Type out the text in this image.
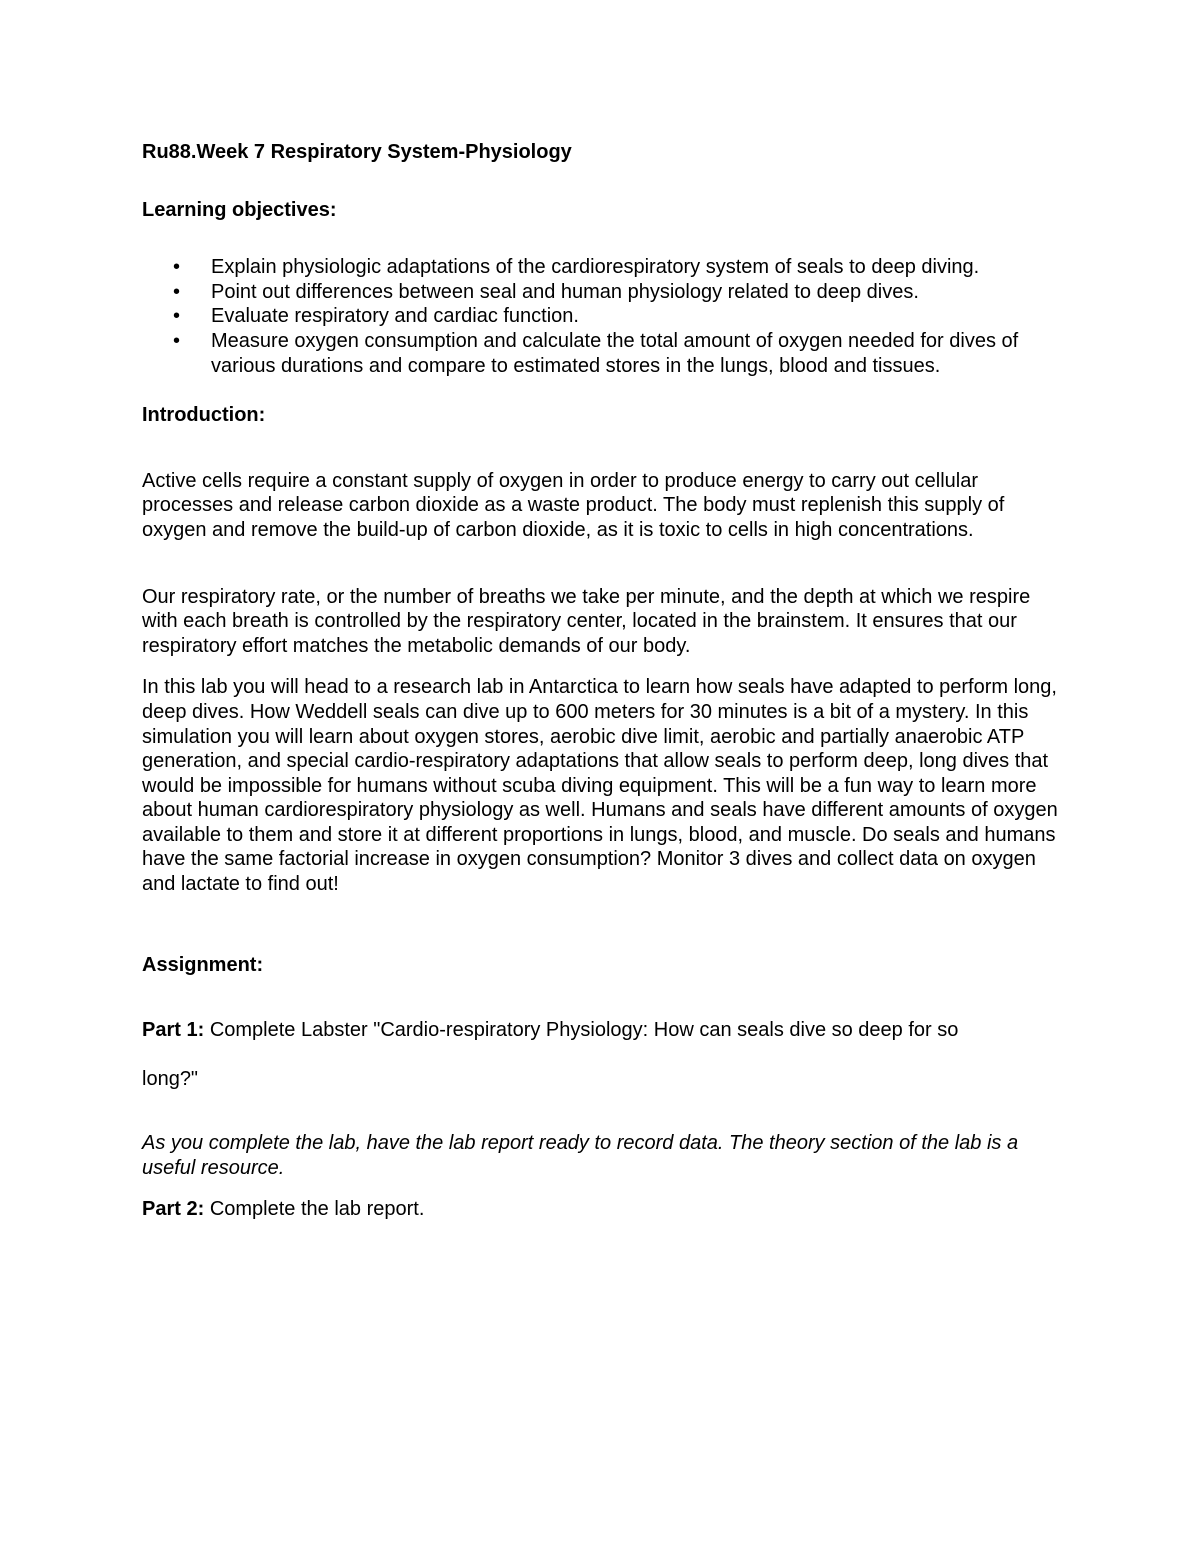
Ru88.Week 7 Respiratory System-Physiology

Learning objectives:

• Explain physiologic adaptations of the cardiorespiratory system of seals to deep diving.
• Point out differences between seal and human physiology related to deep dives.
• Evaluate respiratory and cardiac function.
• Measure oxygen consumption and calculate the total amount of oxygen needed for dives of various durations and compare to estimated stores in the lungs, blood and tissues.

Introduction:

Active cells require a constant supply of oxygen in order to produce energy to carry out cellular processes and release carbon dioxide as a waste product. The body must replenish this supply of oxygen and remove the build-up of carbon dioxide, as it is toxic to cells in high concentrations.

Our respiratory rate, or the number of breaths we take per minute, and the depth at which we respire with each breath is controlled by the respiratory center, located in the brainstem. It ensures that our respiratory effort matches the metabolic demands of our body.

In this lab you will head to a research lab in Antarctica to learn how seals have adapted to perform long, deep dives. How Weddell seals can dive up to 600 meters for 30 minutes is a bit of a mystery. In this simulation you will learn about oxygen stores, aerobic dive limit, aerobic and partially anaerobic ATP generation, and special cardio-respiratory adaptations that allow seals to perform deep, long dives that would be impossible for humans without scuba diving equipment. This will be a fun way to learn more about human cardiorespiratory physiology as well. Humans and seals have different amounts of oxygen available to them and store it at different proportions in lungs, blood, and muscle. Do seals and humans have the same factorial increase in oxygen consumption? Monitor 3 dives and collect data on oxygen and lactate to find out!

Assignment:

Part 1: Complete Labster "Cardio-respiratory Physiology: How can seals dive so deep for so

long?"

As you complete the lab, have the lab report ready to record data. The theory section of the lab is a useful resource.

Part 2: Complete the lab report.
